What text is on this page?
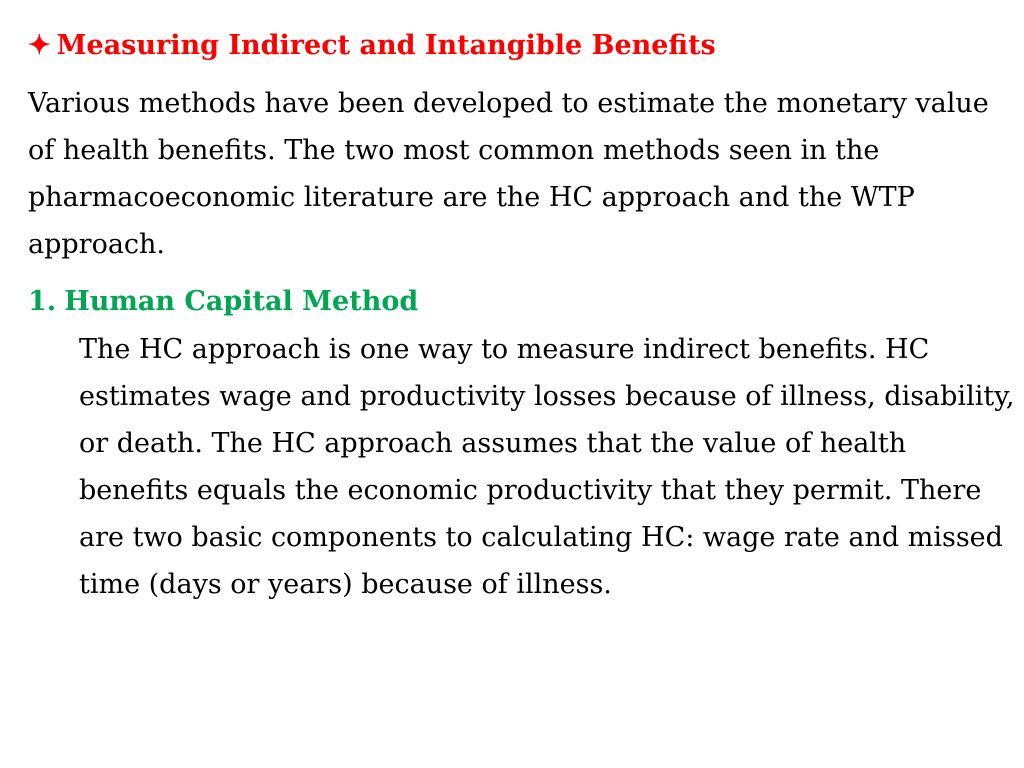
✦ Measuring Indirect and Intangible Benefits

Various methods have been developed to estimate the monetary value of health benefits. The two most common methods seen in the pharmacoeconomic literature are the HC approach and the WTP approach.

1. Human Capital Method

The HC approach is one way to measure indirect benefits. HC estimates wage and productivity losses because of illness, disability, or death. The HC approach assumes that the value of health benefits equals the economic productivity that they permit. There are two basic components to calculating HC: wage rate and missed time (days or years) because of illness.
